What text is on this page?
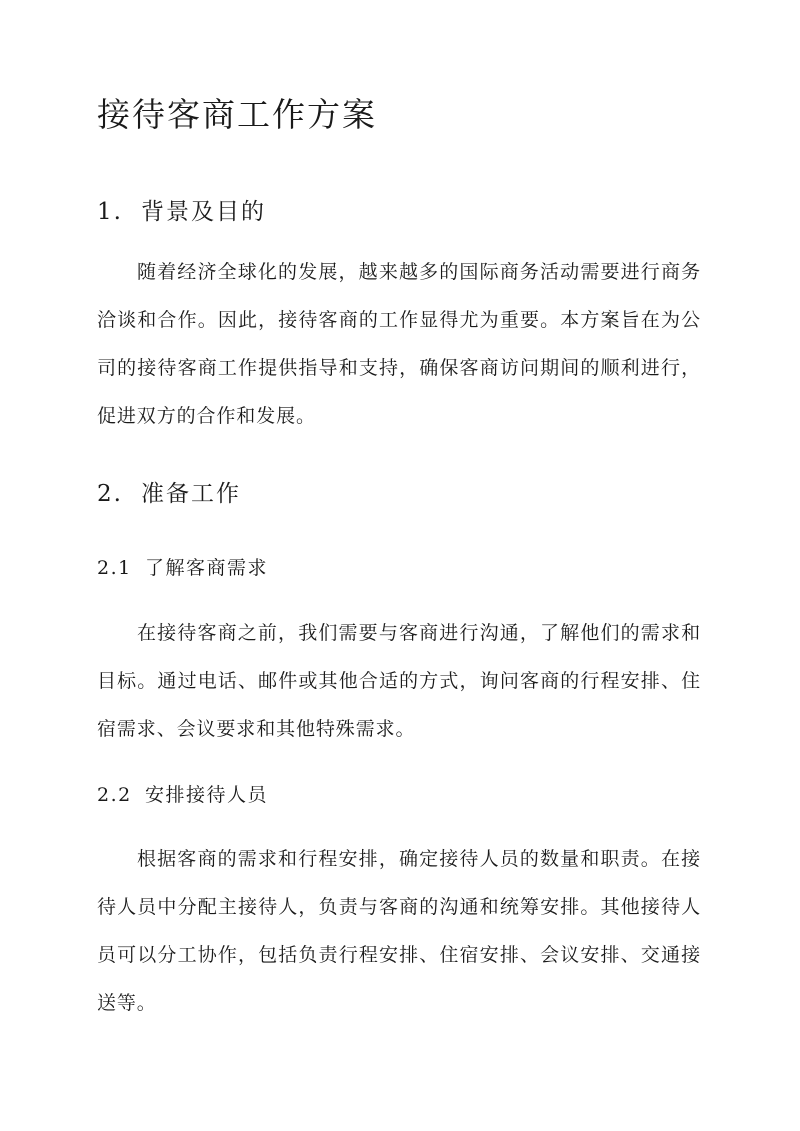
接待客商工作方案
1. 背景及目的

随着经济全球化的发展，越来越多的国际商务活动需要进行商务洽谈和合作。因此，接待客商的工作显得尤为重要。本方案旨在为公司的接待客商工作提供指导和支持，确保客商访问期间的顺利进行，促进双方的合作和发展。

2. 准备工作
2.1 了解客商需求

在接待客商之前，我们需要与客商进行沟通，了解他们的需求和目标。通过电话、邮件或其他合适的方式，询问客商的行程安排、住宿需求、会议要求和其他特殊需求。

2.2 安排接待人员

根据客商的需求和行程安排，确定接待人员的数量和职责。在接待人员中分配主接待人，负责与客商的沟通和统筹安排。其他接待人员可以分工协作，包括负责行程安排、住宿安排、会议安排、交通接送等。
